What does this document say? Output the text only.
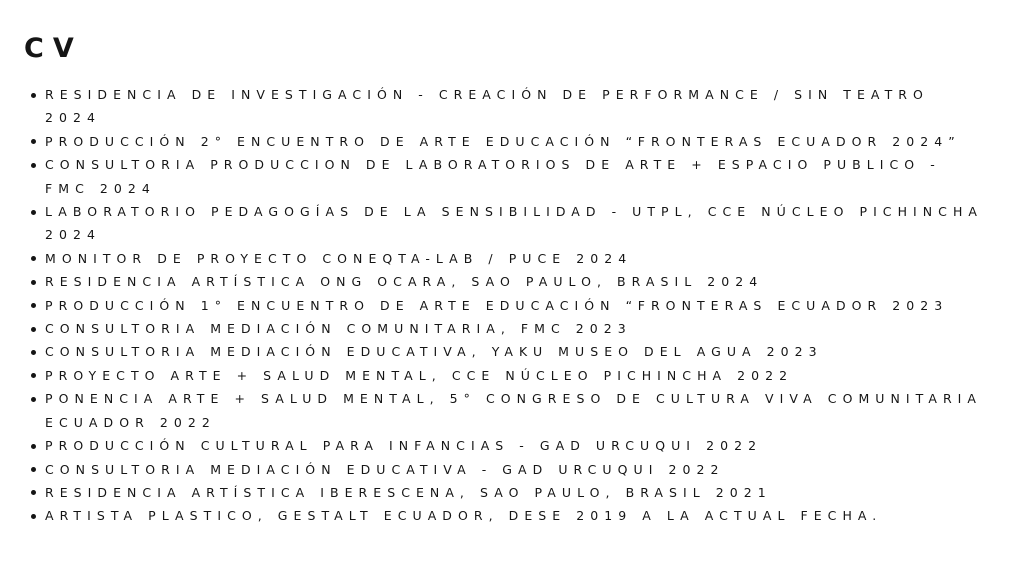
CV
RESIDENCIA DE INVESTIGACIÓN - CREACIÓN DE PERFORMANCE / SIN TEATRO 2024
PRODUCCIÓN 2° ENCUENTRO DE ARTE EDUCACIÓN “FRONTERAS ECUADOR 2024”
CONSULTORIA PRODUCCION DE LABORATORIOS DE ARTE + ESPACIO PUBLICO - FMC 2024
LABORATORIO PEDAGOGÍAS DE LA SENSIBILIDAD - UTPL, CCE NÚCLEO PICHINCHA 2024
MONITOR DE PROYECTO CONEQTA-LAB / PUCE 2024
RESIDENCIA ARTÍSTICA ONG OCARA, SAO PAULO, BRASIL 2024
PRODUCCIÓN 1° ENCUENTRO DE ARTE EDUCACIÓN “FRONTERAS ECUADOR 2023
CONSULTORIA MEDIACIÓN COMUNITARIA, FMC 2023
CONSULTORIA MEDIACIÓN EDUCATIVA, YAKU MUSEO DEL AGUA 2023
PROYECTO ARTE + SALUD MENTAL, CCE NÚCLEO PICHINCHA 2022
PONENCIA ARTE + SALUD MENTAL, 5° CONGRESO DE CULTURA VIVA COMUNITARIA ECUADOR 2022
PRODUCCIÓN CULTURAL PARA INFANCIAS - GAD URCUQUI 2022
CONSULTORIA MEDIACIÓN EDUCATIVA - GAD URCUQUI 2022
RESIDENCIA ARTÍSTICA IBERESCENA, SAO PAULO, BRASIL 2021
ARTISTA PLASTICO, GESTALT ECUADOR, DESE 2019 A LA ACTUAL FECHA.
